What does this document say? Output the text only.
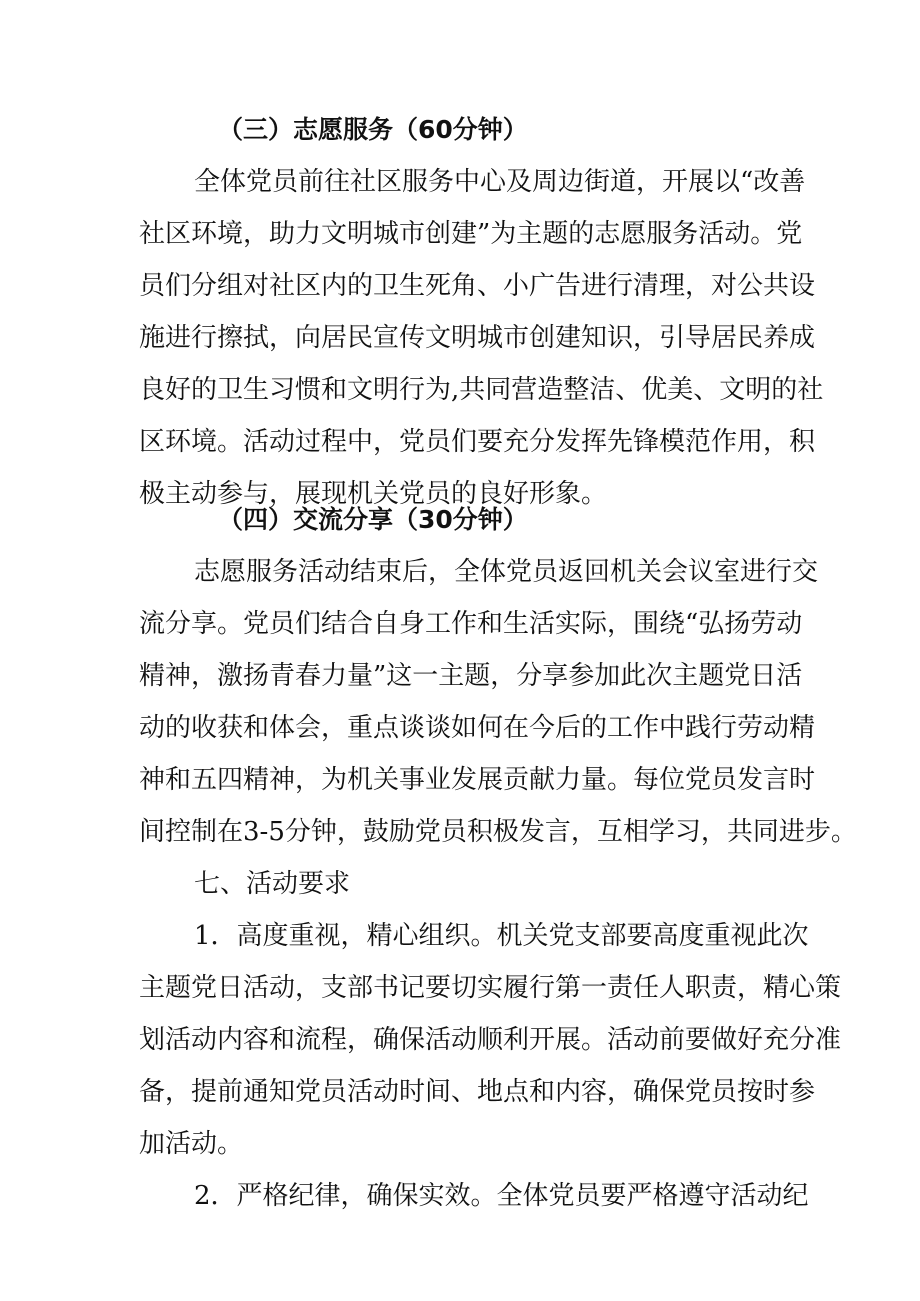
（三）志愿服务（60分钟）
全体党员前往社区服务中心及周边街道，开展以“改善
社区环境，助力文明城市创建”为主题的志愿服务活动。党
员们分组对社区内的卫生死角、小广告进行清理，对公共设
施进行擦拭，向居民宣传文明城市创建知识，引导居民养成
良好的卫生习惯和文明行为,共同营造整洁、优美、文明的社
区环境。活动过程中，党员们要充分发挥先锋模范作用，积
极主动参与，展现机关党员的良好形象。
（四）交流分享（30分钟）
志愿服务活动结束后，全体党员返回机关会议室进行交
流分享。党员们结合自身工作和生活实际，围绕“弘扬劳动
精神，激扬青春力量”这一主题，分享参加此次主题党日活
动的收获和体会，重点谈谈如何在今后的工作中践行劳动精
神和五四精神，为机关事业发展贡献力量。每位党员发言时
间控制在3-5分钟，鼓励党员积极发言，互相学习，共同进步。
七、活动要求
1．高度重视，精心组织。机关党支部要高度重视此次
主题党日活动，支部书记要切实履行第一责任人职责，精心策
划活动内容和流程，确保活动顺利开展。活动前要做好充分准
备，提前通知党员活动时间、地点和内容，确保党员按时参
加活动。
2．严格纪律，确保实效。全体党员要严格遵守活动纪
